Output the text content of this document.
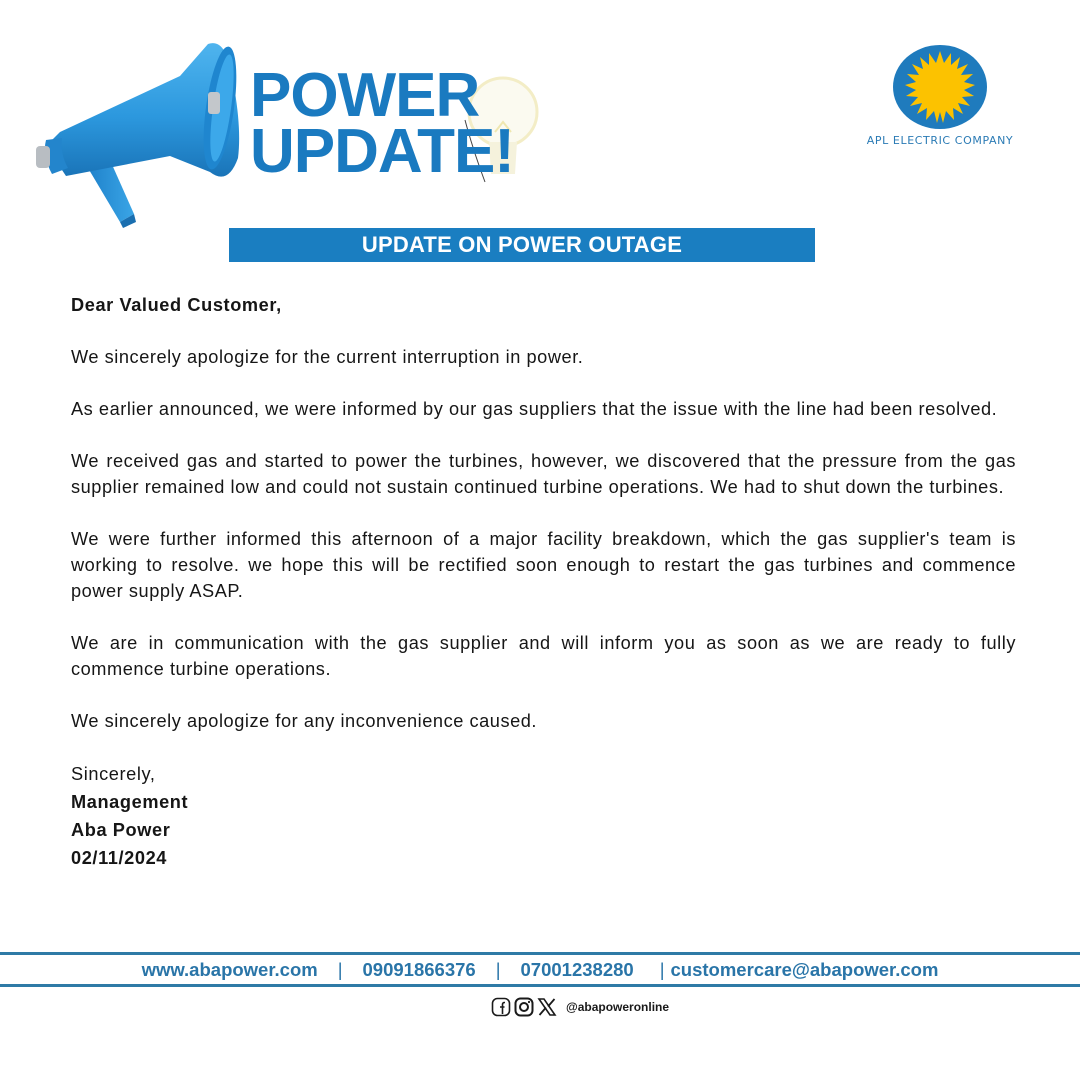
POWER
UPDATE!	APL ELECTRIC COMPANY
UPDATE ON POWER OUTAGE
Dear Valued Customer,

We sincerely apologize for the current interruption in power.

As earlier announced, we were informed by our gas suppliers that the issue with the line had been resolved.

We received gas and started to power the turbines, however, we discovered that the pressure from the gas supplier remained low and could not sustain continued turbine operations. We had to shut down the turbines.

We were further informed this afternoon of a major facility breakdown, which the gas supplier's team is working to resolve. we hope this will be rectified soon enough to restart the gas turbines and commence power supply ASAP.

We are in communication with the gas supplier and will inform you as soon as we are ready to fully commence turbine operations.

We sincerely apologize for any inconvenience caused.

Sincerely,
Management
Aba Power
02/11/2024
www.abapower.com | 09091866376 | 07001238280 | customercare@abapower.com
@abapoweronline
